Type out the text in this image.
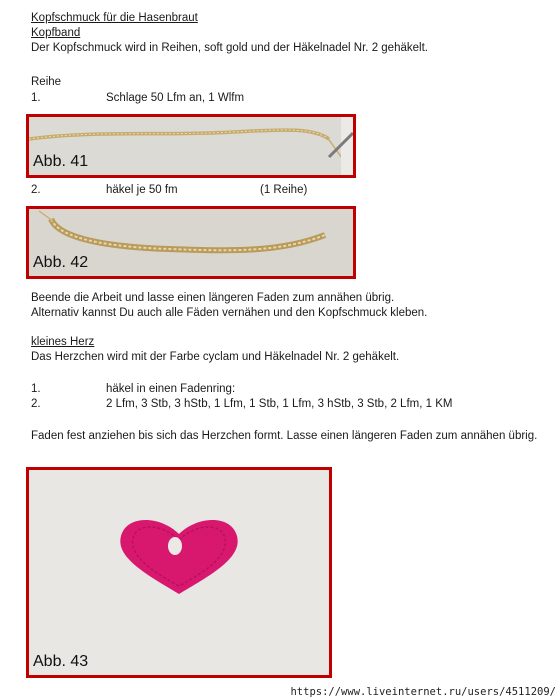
Kopfschmuck für die Hasenbraut
Kopfband
Der Kopfschmuck wird in Reihen, soft gold und der Häkelnadel Nr. 2 gehäkelt.
Reihe
1.	Schlage 50 Lfm an, 1 Wlfm
Abb. 41
2.	häkel je 50 fm	(1 Reihe)
Abb. 42
Beende die Arbeit und lasse einen längeren Faden zum annähen übrig.
Alternativ kannst Du auch alle Fäden vernähen und den Kopfschmuck kleben.
kleines Herz
Das Herzchen wird mit der Farbe cyclam und Häkelnadel Nr. 2 gehäkelt.
1.	häkel in einen Fadenring:
2.	2 Lfm, 3 Stb, 3 hStb, 1 Lfm, 1 Stb, 1 Lfm, 3 hStb, 3 Stb, 2 Lfm, 1 KM
Faden fest anziehen bis sich das Herzchen formt. Lasse einen längeren Faden zum annähen übrig.
Abb. 43
https://www.liveinternet.ru/users/4511209/
